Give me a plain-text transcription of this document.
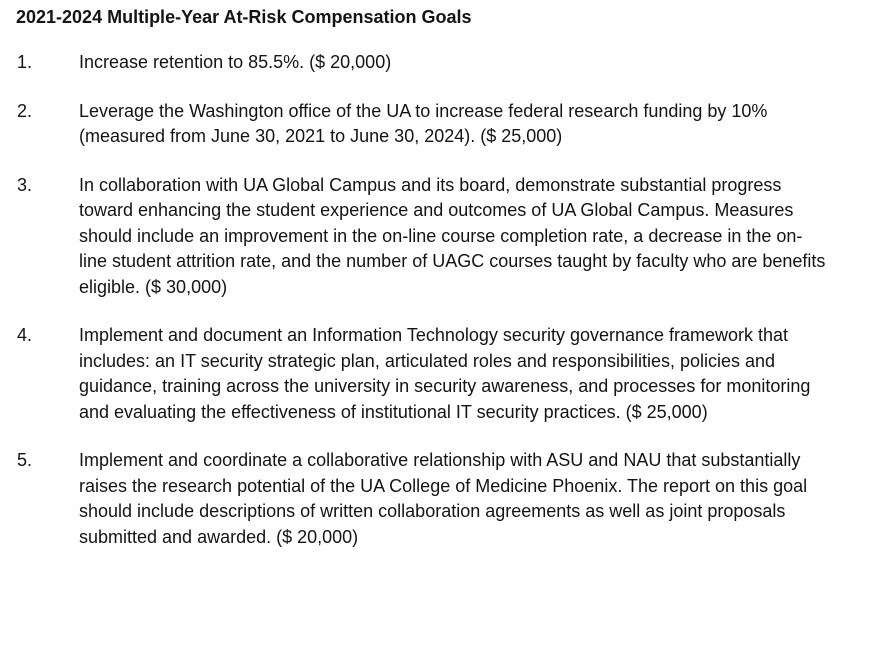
2021-2024 Multiple-Year At-Risk Compensation Goals
1.	Increase retention to 85.5%. ($ 20,000)
2.	Leverage the Washington office of the UA to increase federal research funding by 10% (measured from June 30, 2021 to June 30, 2024). ($ 25,000)
3.	In collaboration with UA Global Campus and its board, demonstrate substantial progress toward enhancing the student experience and outcomes of UA Global Campus. Measures should include an improvement in the on-line course completion rate, a decrease in the on-line student attrition rate, and the number of UAGC courses taught by faculty who are benefits eligible. ($ 30,000)
4.	Implement and document an Information Technology security governance framework that includes: an IT security strategic plan, articulated roles and responsibilities, policies and guidance, training across the university in security awareness, and processes for monitoring and evaluating the effectiveness of institutional IT security practices. ($ 25,000)
5.	Implement and coordinate a collaborative relationship with ASU and NAU that substantially raises the research potential of the UA College of Medicine Phoenix. The report on this goal should include descriptions of written collaboration agreements as well as joint proposals submitted and awarded. ($ 20,000)
